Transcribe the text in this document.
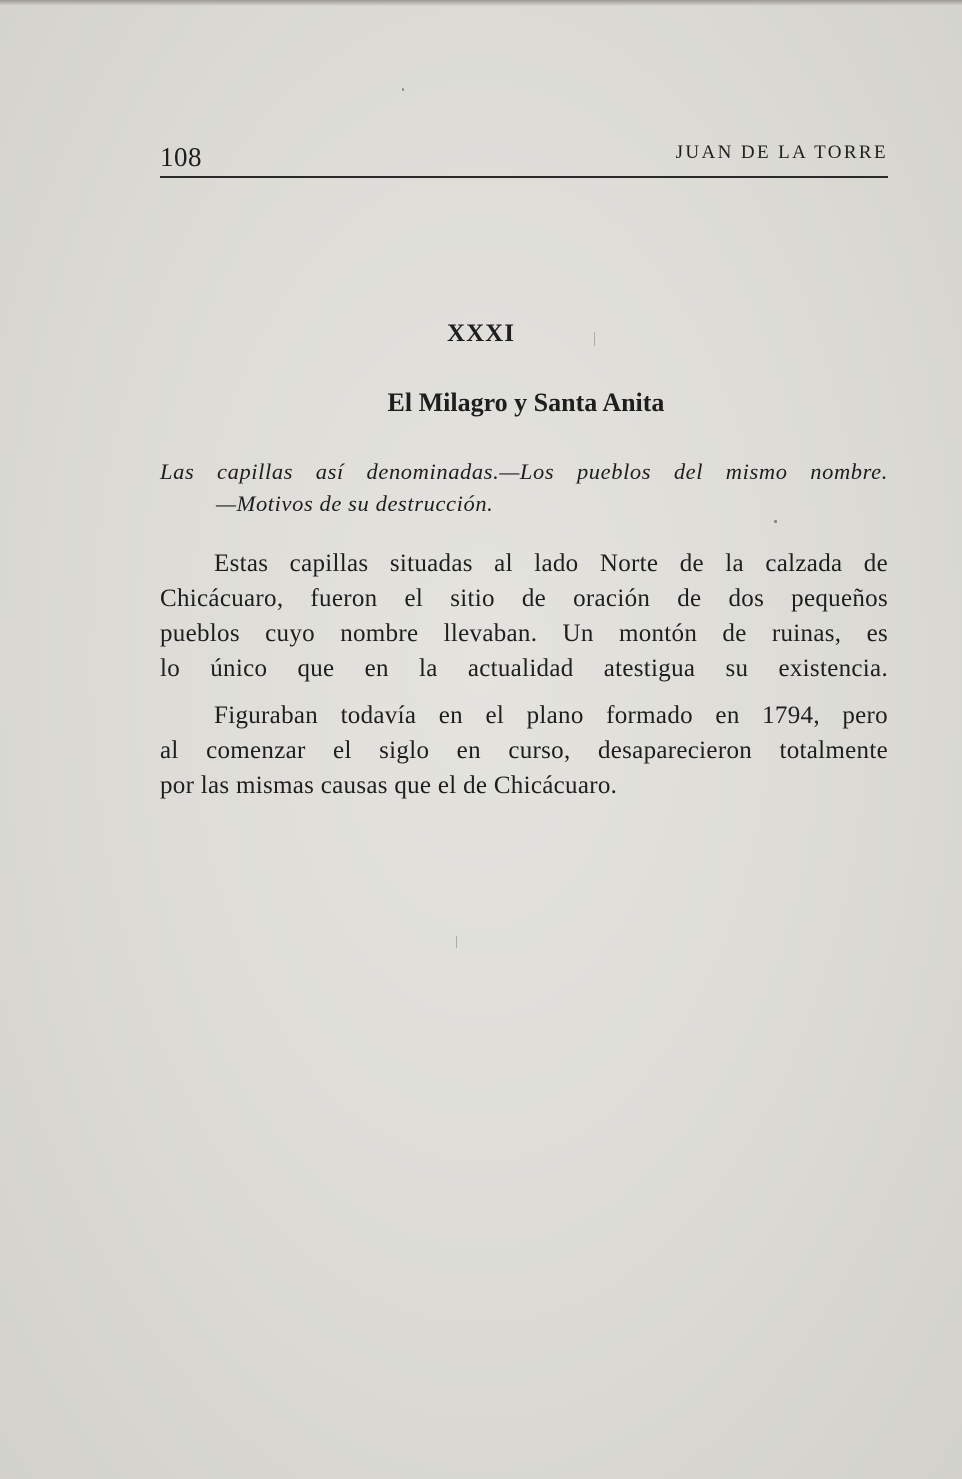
108	JUAN DE LA TORRE
XXXI
El Milagro y Santa Anita
Las capillas así denominadas.—Los pueblos del mismo nombre.
—Motivos de su destrucción.
Estas capillas situadas al lado Norte de la calzada de
Chicácuaro, fueron el sitio de oración de dos pequeños
pueblos cuyo nombre llevaban. Un montón de ruinas, es
lo único que en la actualidad atestigua su existencia.
Figuraban todavía en el plano formado en 1794, pero
al comenzar el siglo en curso, desaparecieron totalmente
por las mismas causas que el de Chicácuaro.
